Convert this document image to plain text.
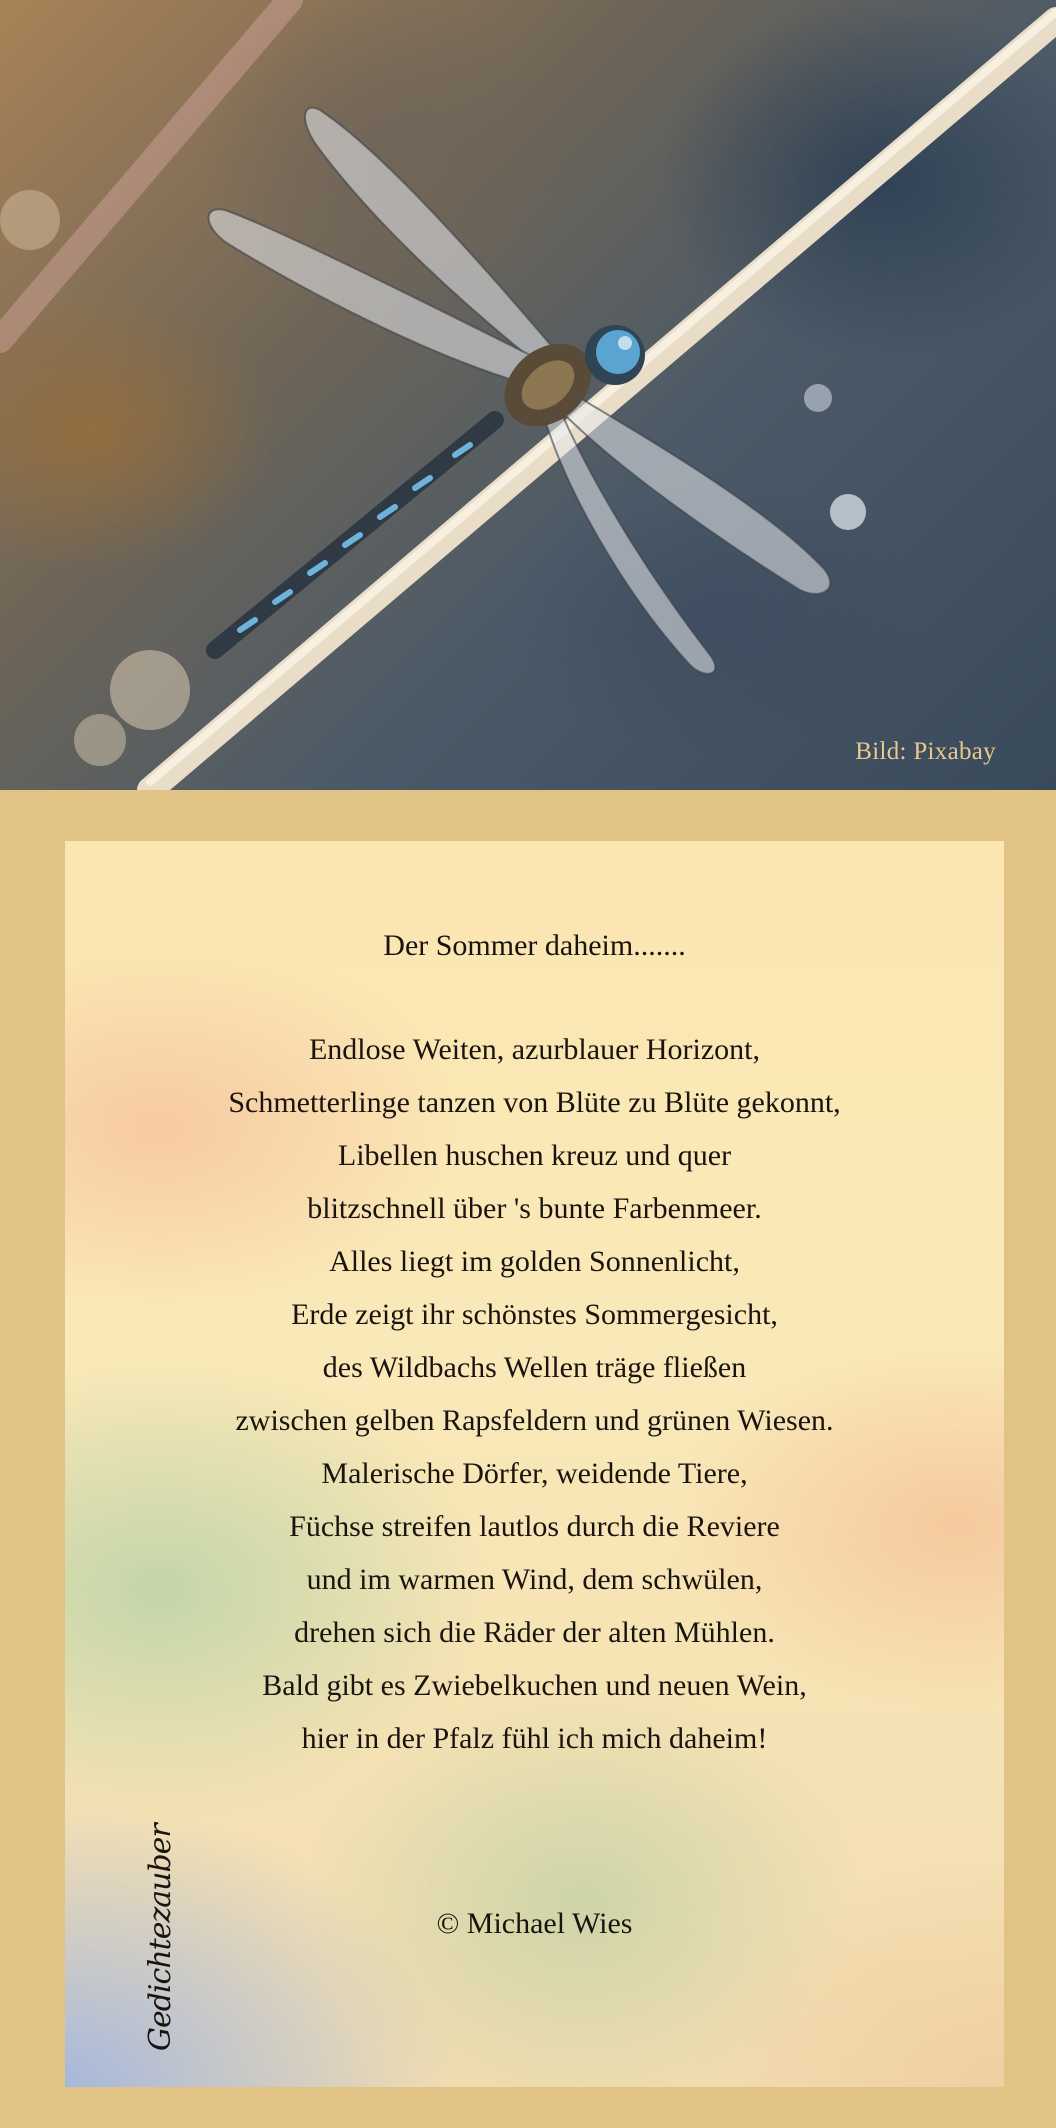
Bild: Pixabay
Der Sommer daheim.......
Endlose Weiten, azurblauer Horizont,
Schmetterlinge tanzen von Blüte zu Blüte gekonnt,
Libellen huschen kreuz und quer
blitzschnell über 's bunte Farbenmeer.
Alles liegt im golden Sonnenlicht,
Erde zeigt ihr schönstes Sommergesicht,
des Wildbachs Wellen träge fließen
zwischen gelben Rapsfeldern und grünen Wiesen.
Malerische Dörfer, weidende Tiere,
Füchse streifen lautlos durch die Reviere
und im warmen Wind, dem schwülen,
drehen sich die Räder der alten Mühlen.
Bald gibt es Zwiebelkuchen und neuen Wein,
hier in der Pfalz fühl ich mich daheim!
© Michael Wies
Gedichtezauber
